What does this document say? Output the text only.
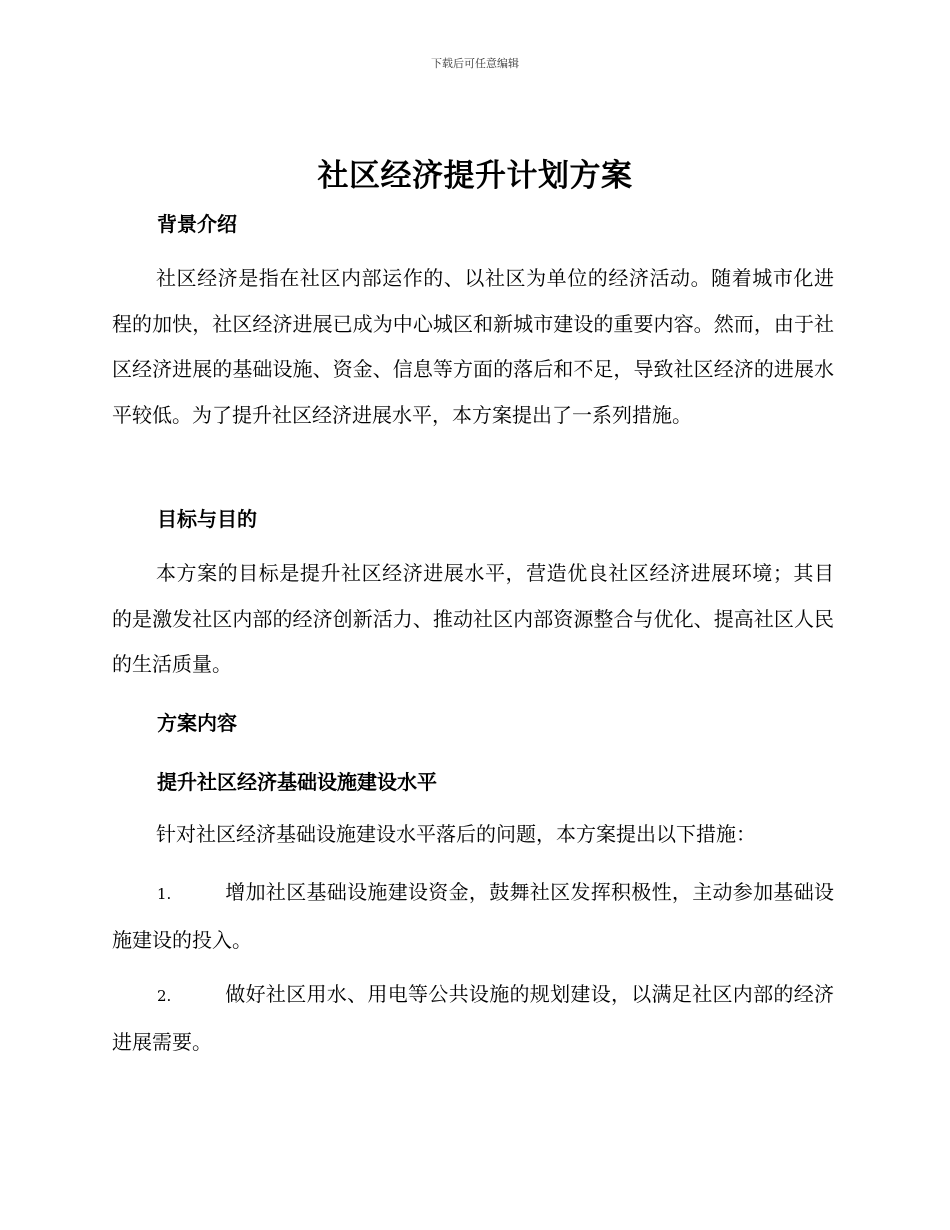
下载后可任意编辑
社区经济提升计划方案
背景介绍

社区经济是指在社区内部运作的、以社区为单位的经济活动。随着城市化进程的加快，社区经济进展已成为中心城区和新城市建设的重要内容。然而，由于社区经济进展的基础设施、资金、信息等方面的落后和不足，导致社区经济的进展水平较低。为了提升社区经济进展水平，本方案提出了一系列措施。

目标与目的

本方案的目标是提升社区经济进展水平，营造优良社区经济进展环境；其目的是激发社区内部的经济创新活力、推动社区内部资源整合与优化、提高社区人民的生活质量。

方案内容
提升社区经济基础设施建设水平

针对社区经济基础设施建设水平落后的问题，本方案提出以下措施：

1.	增加社区基础设施建设资金，鼓舞社区发挥积极性，主动参加基础设施建设的投入。

2.	做好社区用水、用电等公共设施的规划建设，以满足社区内部的经济进展需要。
